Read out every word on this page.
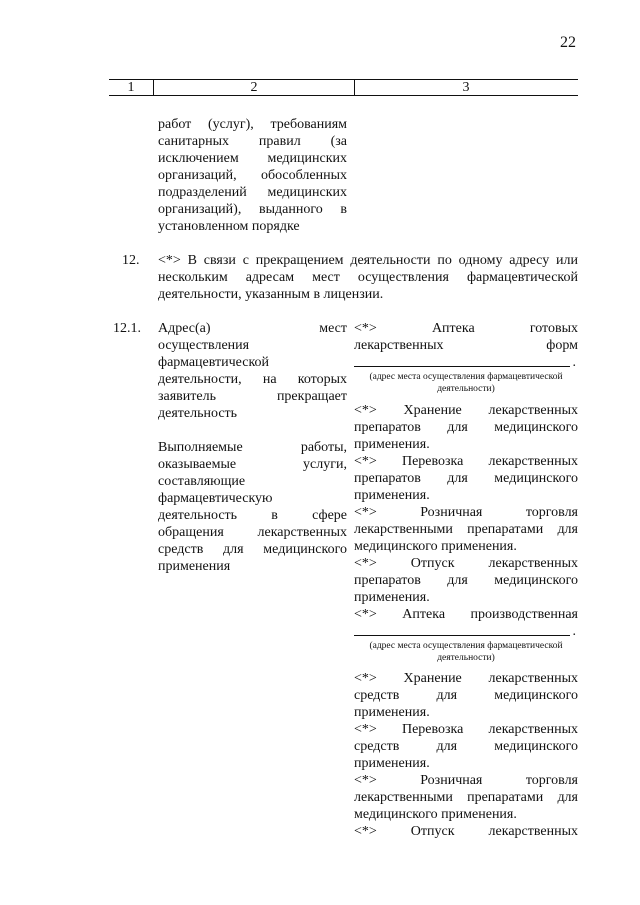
22
1	2	3
работ (услуг), требованиям
санитарных правил (за
исключением медицинских
организаций, обособленных
подразделений медицинских
организаций), выданного в
установленном порядке
12. <*> В связи с прекращением деятельности по одному адресу или
нескольким адресам мест осуществления фармацевтической
деятельности, указанным в лицензии.
12.1. Адрес(а) мест
осуществления
фармацевтической
деятельности, на которых
заявитель прекращает
деятельность
Выполняемые работы,
оказываемые услуги,
составляющие
фармацевтическую
деятельность в сфере
обращения лекарственных
средств для медицинского
применения
<*> Аптека готовых
лекарственных форм
.
(адрес места осуществления фармацевтической деятельности)
<*> Хранение лекарственных
препаратов для медицинского
применения.
<*> Перевозка лекарственных
препаратов для медицинского
применения.
<*> Розничная торговля
лекарственными препаратами для
медицинского применения.
<*> Отпуск лекарственных
препаратов для медицинского
применения.
<*> Аптека производственная
.
(адрес места осуществления фармацевтической деятельности)
<*> Хранение лекарственных
средств для медицинского
применения.
<*> Перевозка лекарственных
средств для медицинского
применения.
<*> Розничная торговля
лекарственными препаратами для
медицинского применения.
<*> Отпуск лекарственных
